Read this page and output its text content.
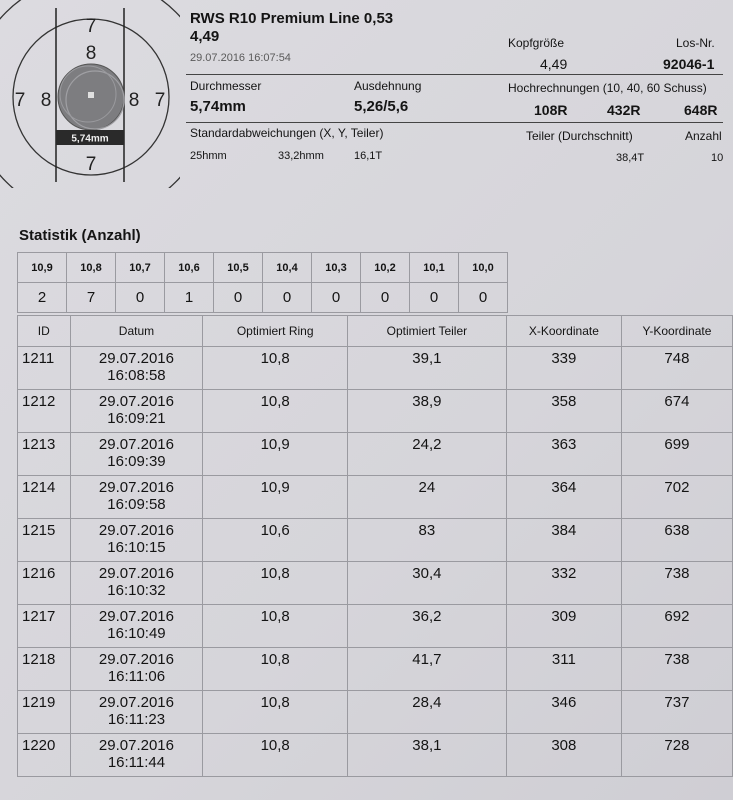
5,74mm
7
8
7 8	8 7
7
RWS R10 Premium Line 0,53
4,49
29.07.2016 16:07:54
Kopfgröße
4,49
Los-Nr.
92046-1
Durchmesser
5,74mm
Ausdehnung
5,26/5,6
Hochrechnungen (10, 40, 60 Schuss)
108R	432R	648R
Standardabweichungen (X, Y, Teiler)
25hmm	33,2hmm	16,1T
Teiler (Durchschnitt)
38,4T
Anzahl
10
Statistik (Anzahl)
10,9	10,8	10,7	10,6	10,5	10,4	10,3	10,2	10,1	10,0
2	7	0	1	0	0	0	0	0	0
ID	Datum	Optimiert Ring	Optimiert Teiler	X-Koordinate	Y-Koordinate
1211	29.07.2016
16:08:58	10,8	39,1	339	748
1212	29.07.2016
16:09:21	10,8	38,9	358	674
1213	29.07.2016
16:09:39	10,9	24,2	363	699
1214	29.07.2016
16:09:58	10,9	24	364	702
1215	29.07.2016
16:10:15	10,6	83	384	638
1216	29.07.2016
16:10:32	10,8	30,4	332	738
1217	29.07.2016
16:10:49	10,8	36,2	309	692
1218	29.07.2016
16:11:06	10,8	41,7	311	738
1219	29.07.2016
16:11:23	10,8	28,4	346	737
1220	29.07.2016
16:11:44	10,8	38,1	308	728
